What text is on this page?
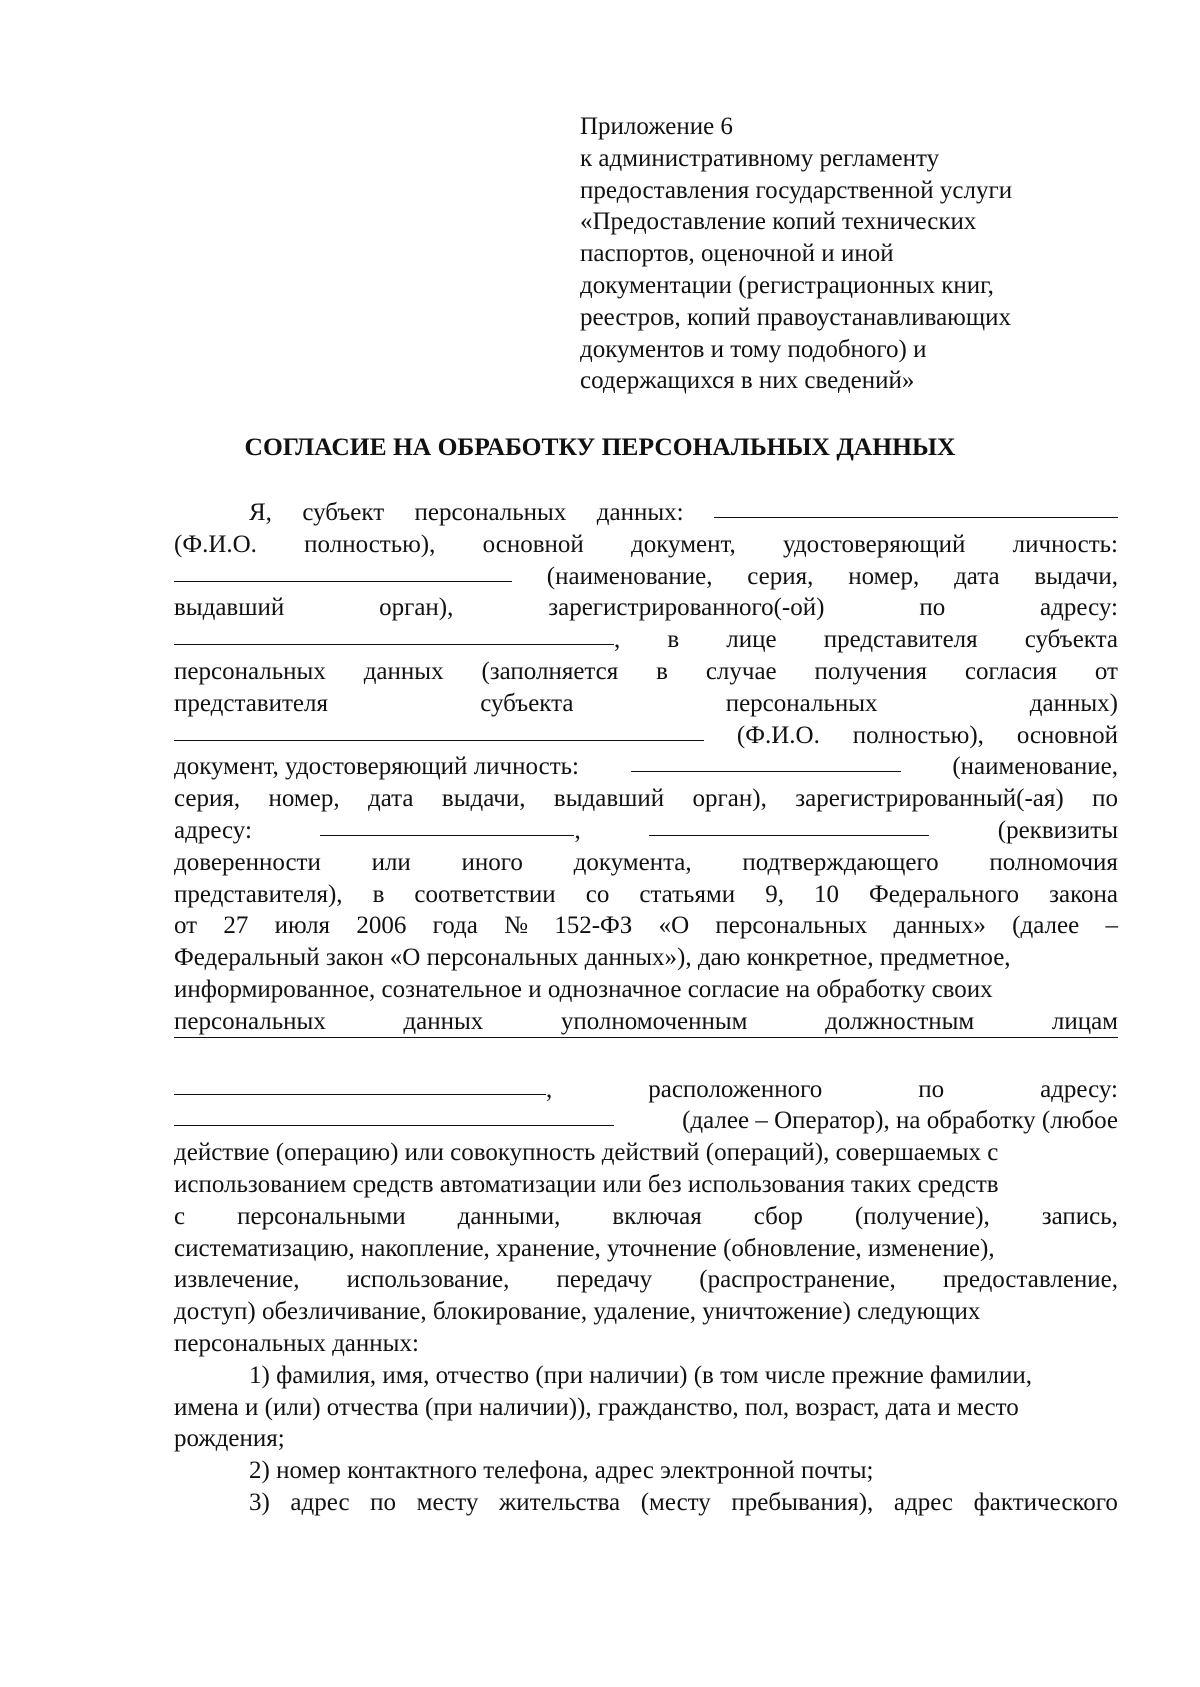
Приложение 6
к административному регламенту
предоставления государственной услуги
«Предоставление копий технических
паспортов, оценочной и иной
документации (регистрационных книг,
реестров, копий правоустанавливающих
документов и тому подобного) и
содержащихся в них сведений»
СОГЛАСИЕ НА ОБРАБОТКУ ПЕРСОНАЛЬНЫХ ДАННЫХ
Я, субъект персональных данных:
(Ф.И.О. полностью), основной документ, удостоверяющий личность:
(наименование, серия, номер, дата выдачи,
выдавший	орган),	зарегистрированного(-ой)	по	адресу:
, в лице представителя субъекта
персональных данных (заполняется в случае получения согласия от
представителя	субъекта	персональных	данных)
(Ф.И.О. полностью), основной
документ, удостоверяющий личность:	(наименование,
серия, номер, дата выдачи, выдавший орган), зарегистрированный(-ая) по
адресу:	,	(реквизиты
доверенности или иного документа, подтверждающего полномочия
представителя), в соответствии со статьями 9, 10 Федерального закона
от 27 июля 2006 года № 152-ФЗ «О персональных данных» (далее –
Федеральный закон «О персональных данных»), даю конкретное, предметное,
информированное, сознательное и однозначное согласие на обработку своих
персональных	данных	уполномоченным	должностным	лицам
,	расположенного	по	адресу:
(далее – Оператор), на обработку (любое
действие (операцию) или совокупность действий (операций), совершаемых с
использованием средств автоматизации или без использования таких средств
с персональными данными, включая сбор (получение), запись,
систематизацию, накопление, хранение, уточнение (обновление, изменение),
извлечение, использование, передачу (распространение, предоставление,
доступ) обезличивание, блокирование, удаление, уничтожение) следующих
персональных данных:
1) фамилия, имя, отчество (при наличии) (в том числе прежние фамилии,
имена и (или) отчества (при наличии)), гражданство, пол, возраст, дата и место
рождения;
2) номер контактного телефона, адрес электронной почты;
3) адрес по месту жительства (месту пребывания), адрес фактического
